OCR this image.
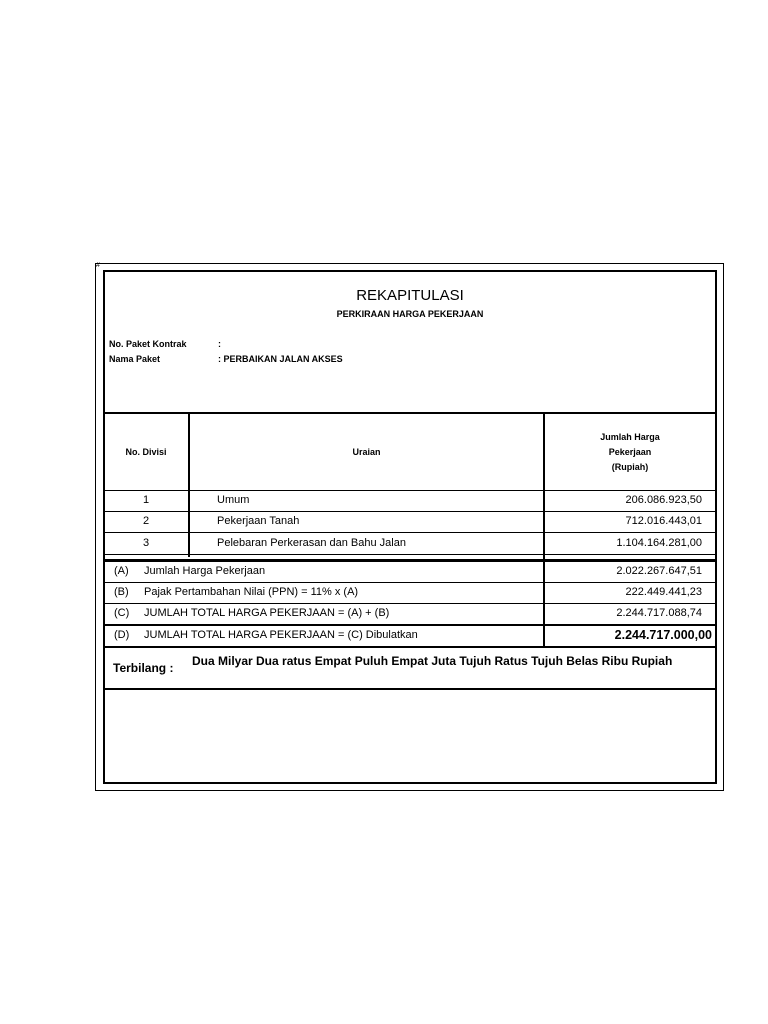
#
REKAPITULASI
PERKIRAAN HARGA PEKERJAAN
No. Paket Kontrak	:
Nama Paket	: PERBAIKAN JALAN AKSES
No. Divisi	Uraian
Jumlah Harga
Pekerjaan
(Rupiah)
1	Umum	206.086.923,50
2	Pekerjaan Tanah	712.016.443,01
3	Pelebaran Perkerasan dan Bahu Jalan	1.104.164.281,00
(A) Jumlah Harga Pekerjaan	2.022.267.647,51
(B) Pajak Pertambahan Nilai (PPN) = 11% x (A)	222.449.441,23
(C) JUMLAH TOTAL HARGA PEKERJAAN = (A) + (B)	2.244.717.088,74
(D) JUMLAH TOTAL HARGA PEKERJAAN = (C) Dibulatkan	2.244.717.000,00
Terbilang : Dua Milyar Dua ratus Empat Puluh Empat Juta Tujuh Ratus Tujuh Belas Ribu Rupiah
